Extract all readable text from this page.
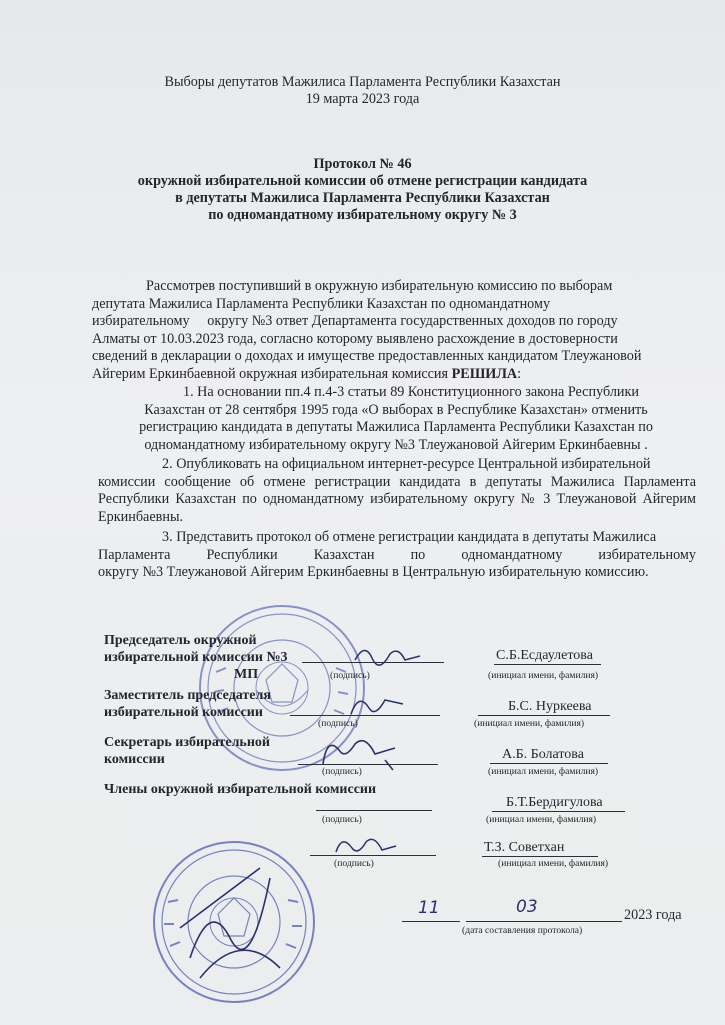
Выборы депутатов Мажилиса Парламента Республики Казахстан
19 марта 2023 года
Протокол № 46
окружной избирательной комиссии об отмене регистрации кандидата
в депутаты Мажилиса Парламента Республики Казахстан
по одномандатному избирательному округу № 3
Рассмотрев поступивший в окружную избирательную комиссию по выборам
депутата Мажилиса Парламента Республики Казахстан по одномандатному
избирательному     округу №3 ответ Департамента государственных доходов по городу
Алматы от 10.03.2023 года, согласно которому выявлено расхождение в достоверности
сведений в декларации о доходах и имуществе предоставленных кандидатом Тлеужановой
Айгерим Еркинбаевной окружная избирательная комиссия РЕШИЛА:
1. На основании пп.4 п.4-3 статьи 89 Конституционного закона Республики
Казахстан от 28 сентября 1995 года «О выборах в Республике Казахстан» отменить
регистрацию кандидата в депутаты Мажилиса Парламента Республики Казахстан по
одномандатному избирательному округу №3 Тлеужановой Айгерим Еркинбаевны .
2. Опубликовать на официальном интернет-ресурсе Центральной избирательной
комиссии сообщение об отмене регистрации кандидата в депутаты Мажилиса Парламента Республики Казахстан по одномандатному избирательному округу № 3 Тлеужановой Айгерим Еркинбаевны.
3. Представить протокол об отмене регистрации кандидата в депутаты Мажилиса
Парламента Республики Казахстан по одномандатному избирательному
округу №3 Тлеужановой Айгерим Еркинбаевны в Центральную избирательную комиссию.
Председатель окружной
избирательной комиссии №3
МП	(подпись)
С.Б.Есдаулетова
(инициал имени, фамилия)
Заместитель председателя
избирательной комиссии
(подпись)
Б.С. Нуркеева
(инициал имени, фамилия)
Секретарь избирательной
комиссии
(подпись)
А.Б. Болатова
(инициал имени, фамилия)
Члены окружной избирательной комиссии
(подпись)
Б.Т.Бердигулова
(инициал имени, фамилия)
(подпись)
Т.З. Советхан
(инициал имени, фамилия)
11	03	2023 года
(дата составления протокола)
